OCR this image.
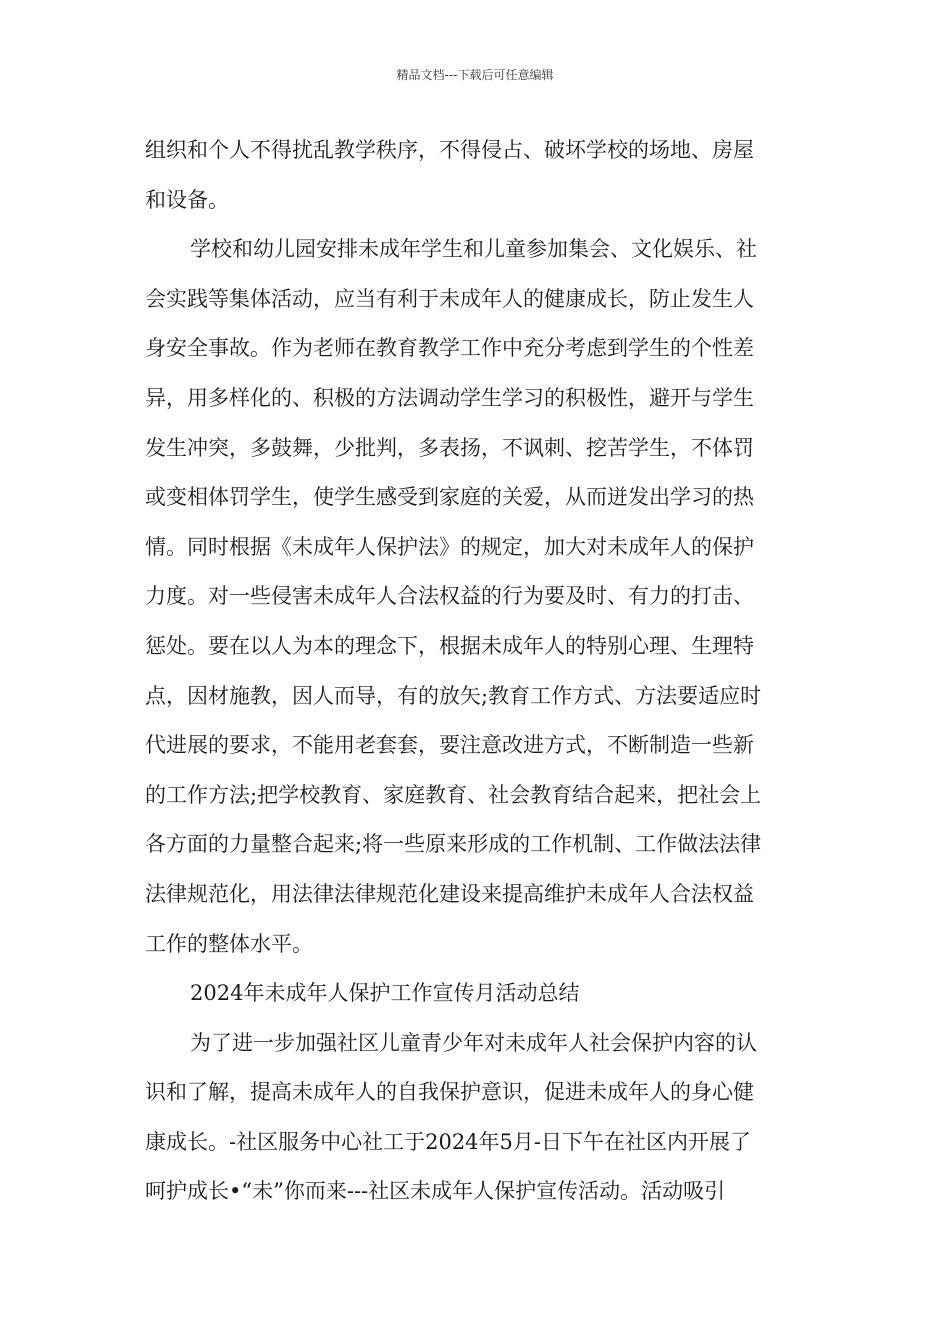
精品文档---下载后可任意编辑
组织和个人不得扰乱教学秩序，不得侵占、破坏学校的场地、房屋
和设备。
学校和幼儿园安排未成年学生和儿童参加集会、文化娱乐、社
会实践等集体活动，应当有利于未成年人的健康成长，防止发生人
身安全事故。作为老师在教育教学工作中充分考虑到学生的个性差
异，用多样化的、积极的方法调动学生学习的积极性，避开与学生
发生冲突，多鼓舞，少批判，多表扬，不讽刺、挖苦学生，不体罚
或变相体罚学生，使学生感受到家庭的关爱，从而迸发出学习的热
情。同时根据《未成年人保护法》的规定，加大对未成年人的保护
力度。对一些侵害未成年人合法权益的行为要及时、有力的打击、
惩处。要在以人为本的理念下，根据未成年人的特别心理、生理特
点，因材施教，因人而导，有的放矢;教育工作方式、方法要适应时
代进展的要求，不能用老套套，要注意改进方式，不断制造一些新
的工作方法;把学校教育、家庭教育、社会教育结合起来，把社会上
各方面的力量整合起来;将一些原来形成的工作机制、工作做法法律
法律规范化，用法律法律规范化建设来提高维护未成年人合法权益
工作的整体水平。
2024年未成年人保护工作宣传月活动总结
为了进一步加强社区儿童青少年对未成年人社会保护内容的认
识和了解，提高未成年人的自我保护意识，促进未成年人的身心健
康成长。-社区服务中心社工于2024年5月-日下午在社区内开展了
呵护成长•“未”你而来---社区未成年人保护宣传活动。活动吸引
